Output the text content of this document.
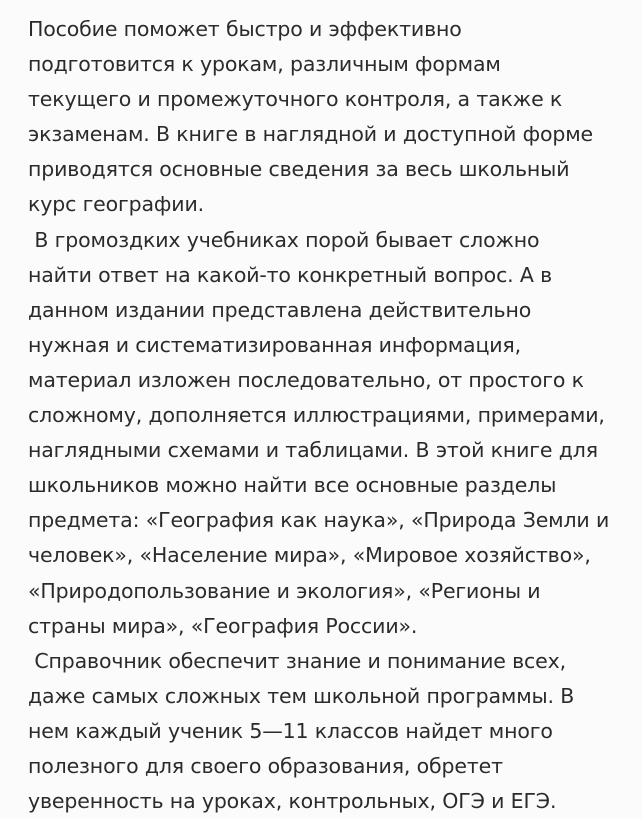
Пособие поможет быстро и эффективно
подготовится к урокам, различным формам
текущего и промежуточного контроля, а также к
экзаменам. В книге в наглядной и доступной форме
приводятся основные сведения за весь школьный
курс географии.
В громоздких учебниках порой бывает сложно
найти ответ на какой-то конкретный вопрос. А в
данном издании представлена действительно
нужная и систематизированная информация,
материал изложен последовательно, от простого к
сложному, дополняется иллюстрациями, примерами,
наглядными схемами и таблицами. В этой книге для
школьников можно найти все основные разделы
предмета: «География как наука», «Природа Земли и
человек», «Население мира», «Мировое хозяйство»,
«Природопользование и экология», «Регионы и
страны мира», «География России».
Справочник обеспечит знание и понимание всех,
даже самых сложных тем школьной программы. В
нем каждый ученик 5—11 классов найдет много
полезного для своего образования, обретет
уверенность на уроках, контрольных, ОГЭ и ЕГЭ.
